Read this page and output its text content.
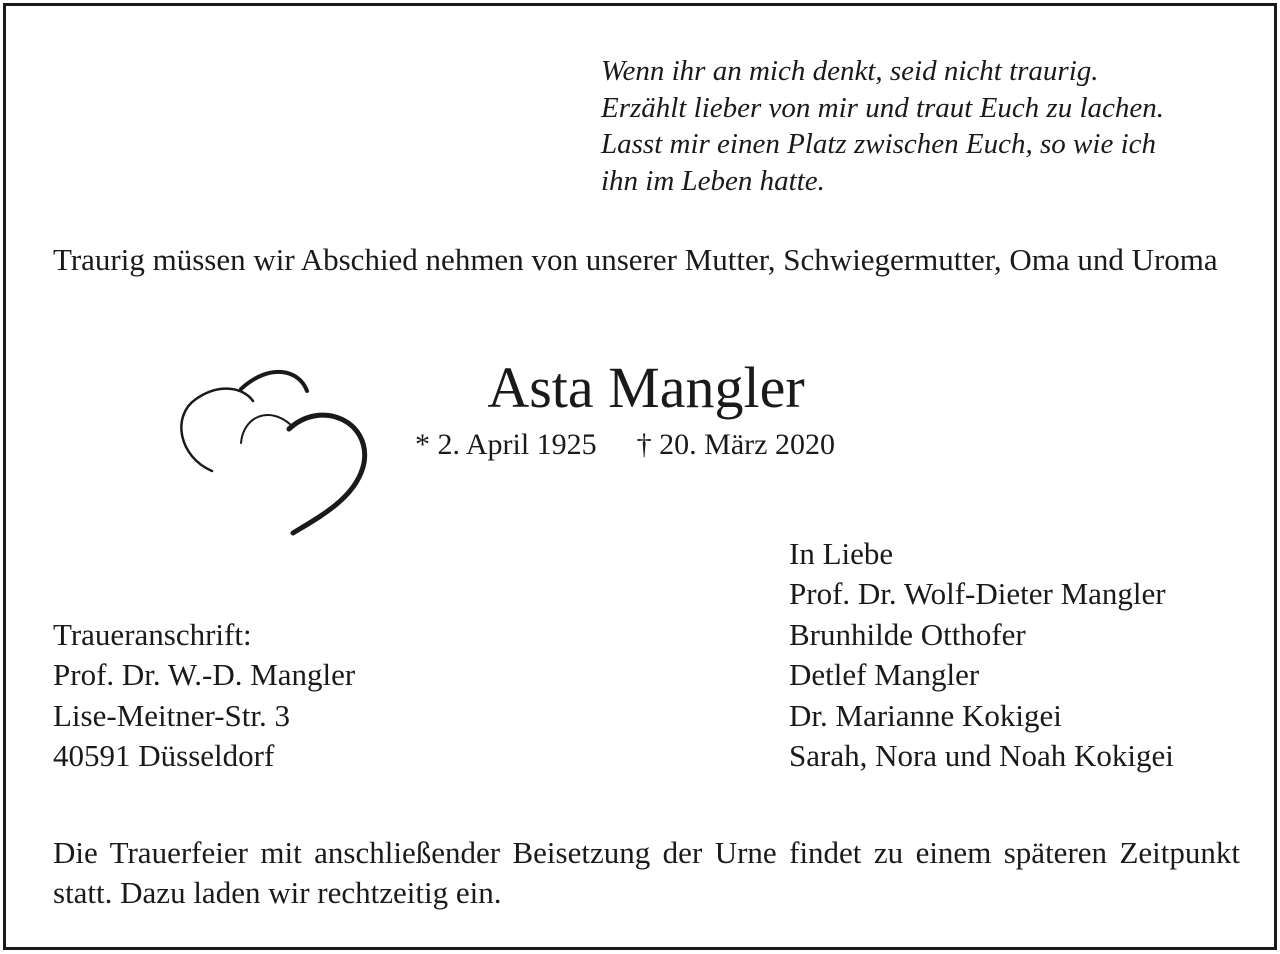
Wenn ihr an mich denkt, seid nicht traurig.
Erzählt lieber von mir und traut Euch zu lachen.
Lasst mir einen Platz zwischen Euch, so wie ich
ihn im Leben hatte.
Traurig müssen wir Abschied nehmen von unserer Mutter, Schwiegermutter, Oma und Uroma
Asta Mangler
* 2. April 1925 † 20. März 2020
In Liebe
Prof. Dr. Wolf-Dieter Mangler
Brunhilde Otthofer
Detlef Mangler
Dr. Marianne Kokigei
Sarah, Nora und Noah Kokigei
Traueranschrift:
Prof. Dr. W.-D. Mangler
Lise-Meitner-Str. 3
40591 Düsseldorf
Die Trauerfeier mit anschließender Beisetzung der Urne findet zu einem späteren Zeitpunkt statt. Dazu laden wir rechtzeitig ein.
